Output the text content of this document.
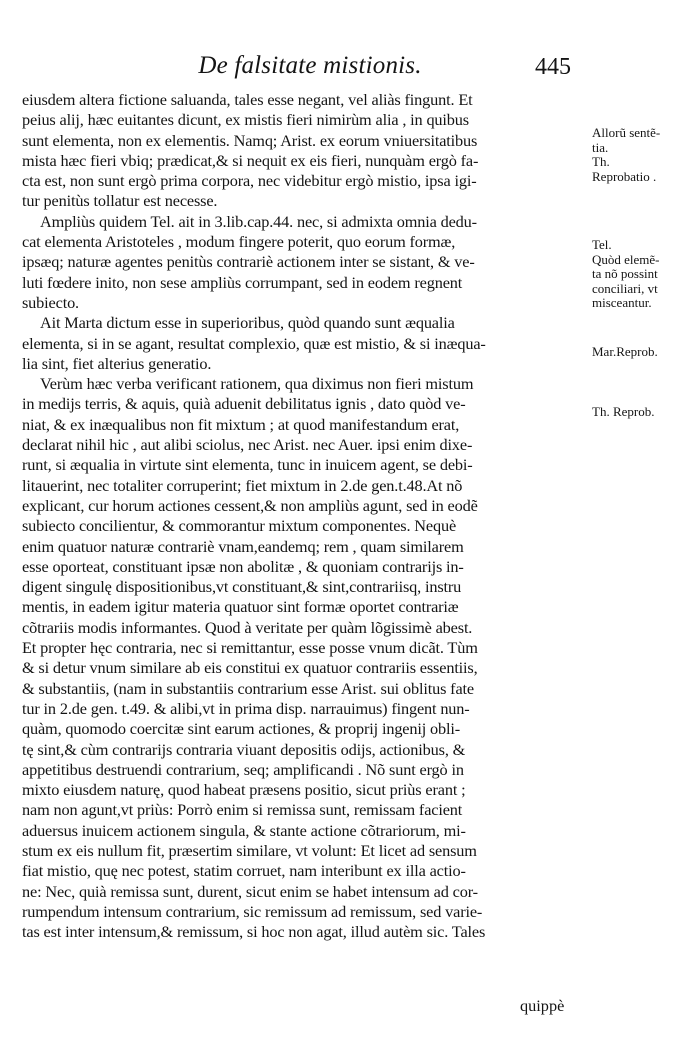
De falsitate mistionis.	445
eiusdem altera fictione saluanda, tales esse negant, vel aliàs fingunt. Et
peius alij, hæc euitantes dicunt, ex mistis fieri nimirùm alia , in quibus
sunt elementa, non ex elementis. Namq; Arist. ex eorum vniuersitatibus
mista hæc fieri vbiq; prædicat,& si nequit ex eis fieri, nunquàm ergò fa-
cta est, non sunt ergò prima corpora, nec videbitur ergò mistio, ipsa igi-
tur penitùs tollatur est necesse.
Ampliùs quidem Tel. ait in 3.lib.cap.44. nec, si admixta omnia dedu-
cat elementa Aristoteles , modum fingere poterit, quo eorum formæ,
ipsæq; naturæ agentes penitùs contrariè actionem inter se sistant, & ve-
luti fœdere inito, non sese ampliùs corrumpant, sed in eodem regnent
subiecto.
Ait Marta dictum esse in superioribus, quòd quando sunt æqualia
elementa, si in se agant, resultat complexio, quæ est mistio, & si inæqua-
lia sint, fiet alterius generatio.
Verùm hæc verba verificant rationem, qua diximus non fieri mistum
in medijs terris, & aquis, quià aduenit debilitatus ignis , dato quòd ve-
niat, & ex inæqualibus non fit mixtum ; at quod manifestandum erat,
declarat nihil hic , aut alibi sciolus, nec Arist. nec Auer. ipsi enim dixe-
runt, si æqualia in virtute sint elementa, tunc in inuicem agent, se debi-
litauerint, nec totaliter corruperint; fiet mixtum in 2.de gen.t.48.At nõ
explicant, cur horum actiones cessent,& non ampliùs agunt, sed in eodẽ
subiecto concilientur, & commorantur mixtum componentes. Nequè
enim quatuor naturæ contrariè vnam,eandemq; rem , quam similarem
esse oporteat, constituant ipsæ non abolitæ , & quoniam contrarijs in-
digent singulę dispositionibus,vt constituant,& sint,contrariisq, instru
mentis, in eadem igitur materia quatuor sint formæ oportet contrariæ
cõtrariis modis informantes. Quod à veritate per quàm lõgissimè abest.
Et propter hęc contraria, nec si remittantur, esse posse vnum dicãt. Tùm
& si detur vnum similare ab eis constitui ex quatuor contrariis essentiis,
& substantiis, (nam in substantiis contrarium esse Arist. sui oblitus fate
tur in 2.de gen. t.49. & alibi,vt in prima disp. narrauimus) fingent nun-
quàm, quomodo coercitæ sint earum actiones, & proprij ingenij obli-
tę sint,& cùm contrarijs contraria viuant depositis odijs, actionibus, &
appetitibus destruendi contrarium, seq; amplificandi . Nõ sunt ergò in
mixto eiusdem naturę, quod habeat præsens positio, sicut priùs erant ;
nam non agunt,vt priùs: Porrò enim si remissa sunt, remissam facient
aduersus inuicem actionem singula, & stante actione cõtrariorum, mi-
stum ex eis nullum fit, præsertim similare, vt volunt: Et licet ad sensum
fiat mistio, quę nec potest, statim corruet, nam interibunt ex illa actio-
ne: Nec, quià remissa sunt, durent, sicut enim se habet intensum ad cor-
rumpendum intensum contrarium, sic remissum ad remissum, sed varie-
tas est inter intensum,& remissum, si hoc non agat, illud autèm sic. Tales
Allorũ sentẽ-
tia.
Th.
Reprobatio .
Tel.
Quòd elemẽ-
ta nõ possint
conciliari, vt
misceantur.
Mar.Reprob.
Th. Reprob.
quippè
